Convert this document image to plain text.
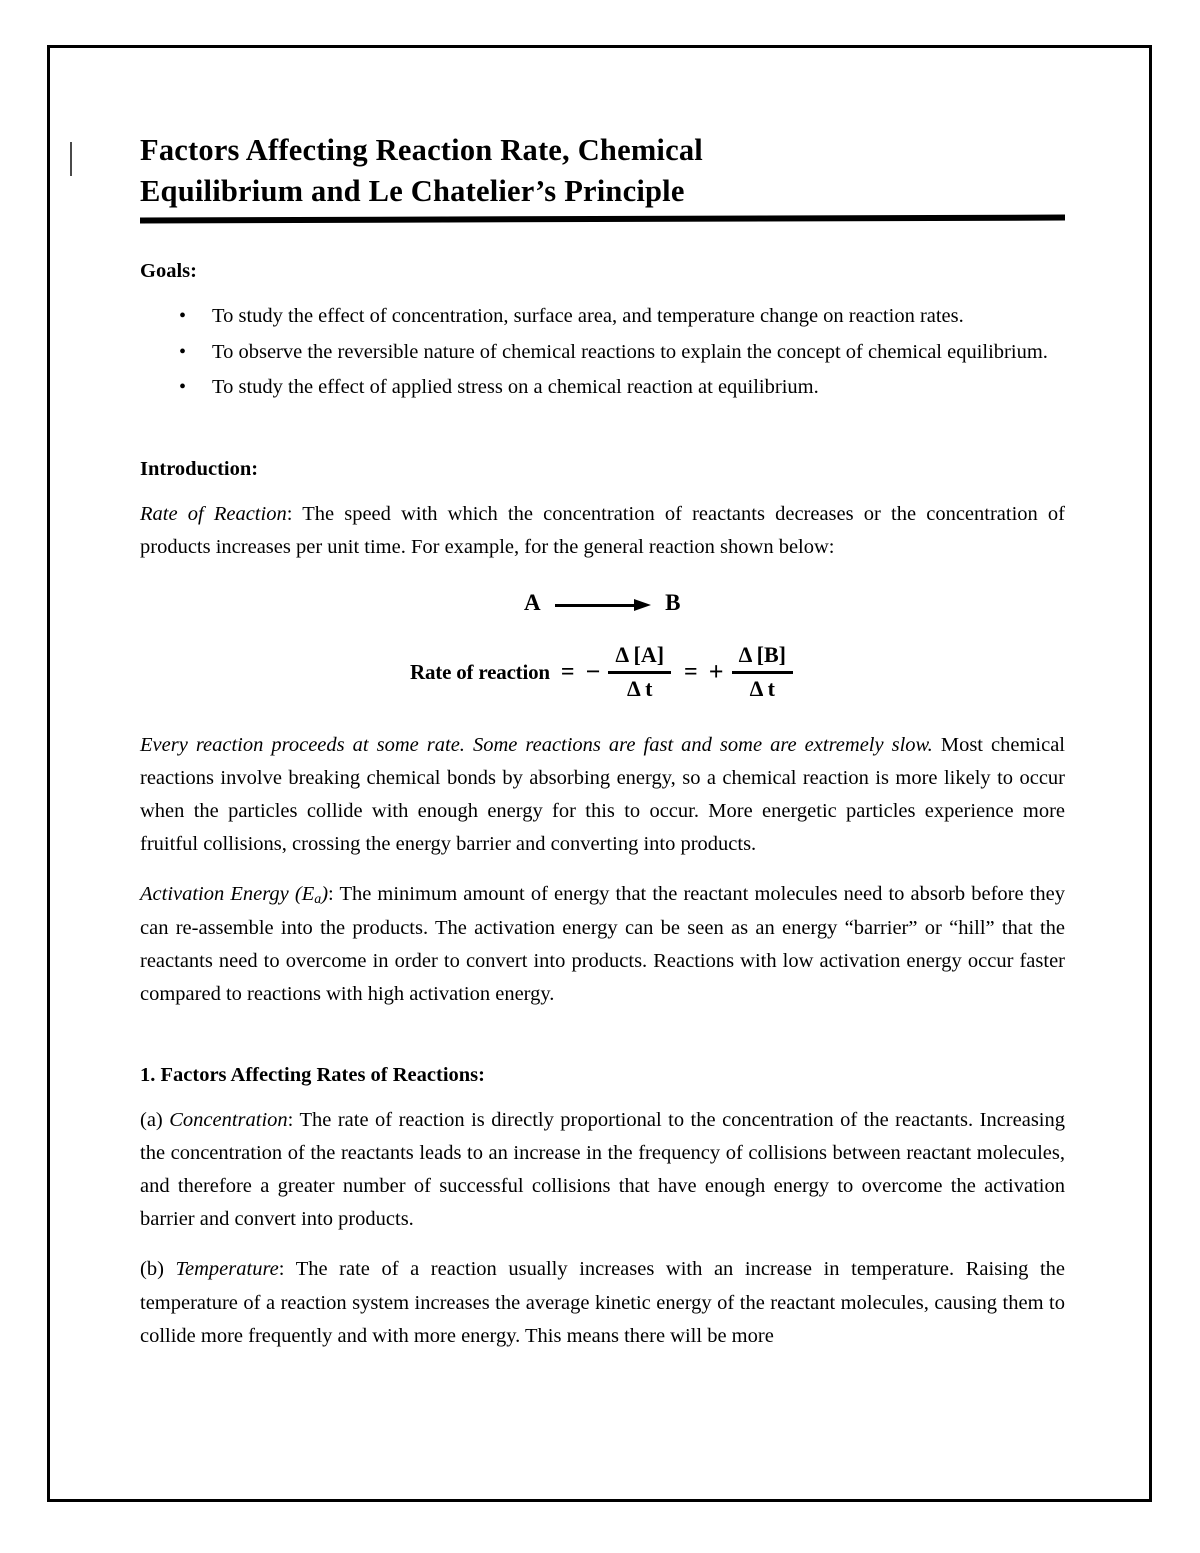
Factors Affecting Reaction Rate, Chemical
Equilibrium and Le Chatelier’s Principle
Goals:
• To study the effect of concentration, surface area, and temperature change on reaction rates.
• To observe the reversible nature of chemical reactions to explain the concept of chemical equilibrium.
• To study the effect of applied stress on a chemical reaction at equilibrium.
Introduction:

Rate of Reaction: The speed with which the concentration of reactants decreases or the concentration of products increases per unit time. For example, for the general reaction shown below:

A	B
Rate of reaction = − $\frac{\Delta [A]}{\text{Δ t}}$ = + $\frac{\Delta [B]}{\text{Δ t}}$

Every reaction proceeds at some rate. Some reactions are fast and some are extremely slow. Most chemical reactions involve breaking chemical bonds by absorbing energy, so a chemical reaction is more likely to occur when the particles collide with enough energy for this to occur. More energetic particles experience more fruitful collisions, crossing the energy barrier and converting into products.

Activation Energy $(E_a)$: The minimum amount of energy that the reactant molecules need to absorb before they can re-assemble into the products. The activation energy can be seen as an energy “barrier” or “hill” that the reactants need to overcome in order to convert into products. Reactions with low activation energy occur faster compared to reactions with high activation energy.

1. Factors Affecting Rates of Reactions:

(a) Concentration: The rate of reaction is directly proportional to the concentration of the reactants. Increasing the concentration of the reactants leads to an increase in the frequency of collisions between reactant molecules, and therefore a greater number of successful collisions that have enough energy to overcome the activation barrier and convert into products.

(b) Temperature: The rate of a reaction usually increases with an increase in temperature. Raising the temperature of a reaction system increases the average kinetic energy of the reactant molecules, causing them to collide more frequently and with more energy. This means there will be more
